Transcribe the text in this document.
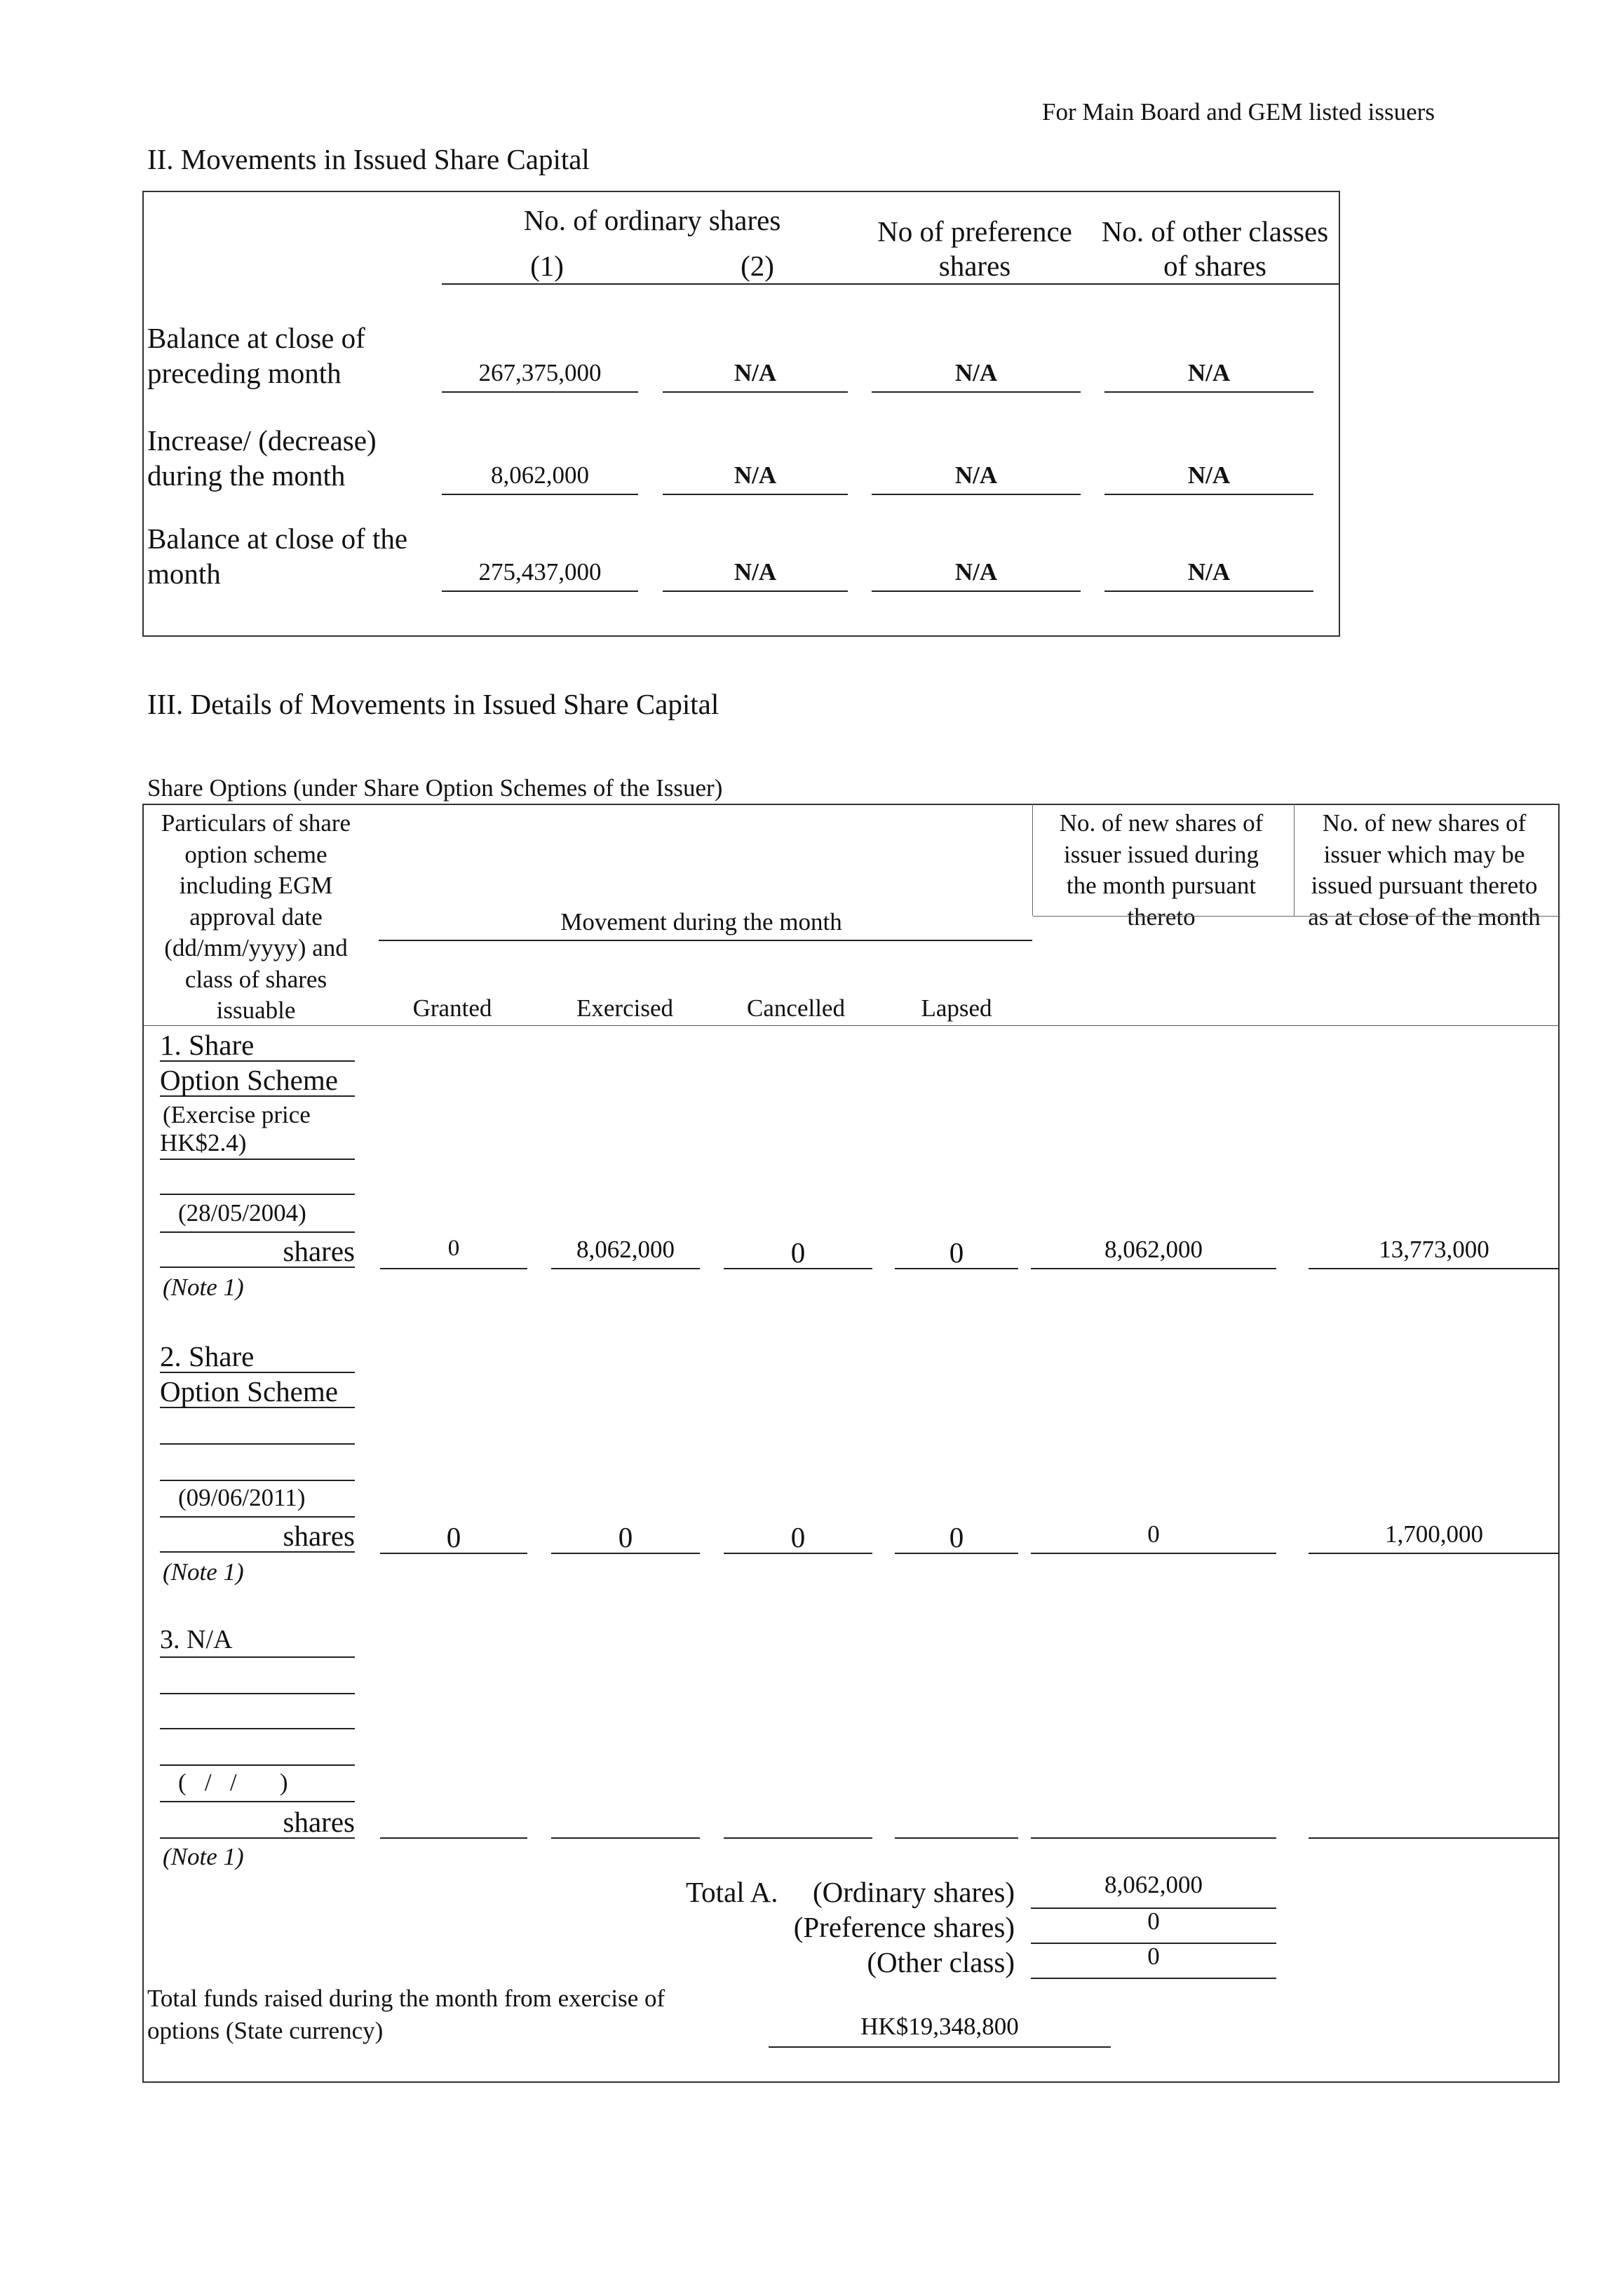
For Main Board and GEM listed issuers
II. Movements in Issued Share Capital
No. of ordinary shares
(1)	(2)
No of preference
shares
No. of other classes
of shares
Balance at close of
preceding month	267,375,000	N/A	N/A	N/A
Increase/ (decrease)
during the month	8,062,000	N/A	N/A	N/A
Balance at close of the
month	275,437,000	N/A	N/A	N/A
III. Details of Movements in Issued Share Capital
Share Options (under Share Option Schemes of the Issuer)
Particulars of share
option scheme
including EGM
approval date
(dd/mm/yyyy) and
class of shares
issuable
Movement during the month
Granted	Exercised	Cancelled	Lapsed
No. of new shares of
issuer issued during
the month pursuant
thereto
No. of new shares of
issuer which may be
issued pursuant thereto
as at close of the month
1. Share
Option Scheme
(Exercise price
HK$2.4)
(28/05/2004)
shares
(Note 1)
0	8,062,000	0	0	8,062,000	13,773,000
2. Share
Option Scheme
(09/06/2011)
shares
(Note 1)
0	0	0	0	0	1,700,000
3. N/A
(   /   /       )
shares
(Note 1)
Total A.	(Ordinary shares)	8,062,000
(Preference shares)	0
(Other class)	0
Total funds raised during the month from exercise of
options (State currency)	HK$19,348,800
